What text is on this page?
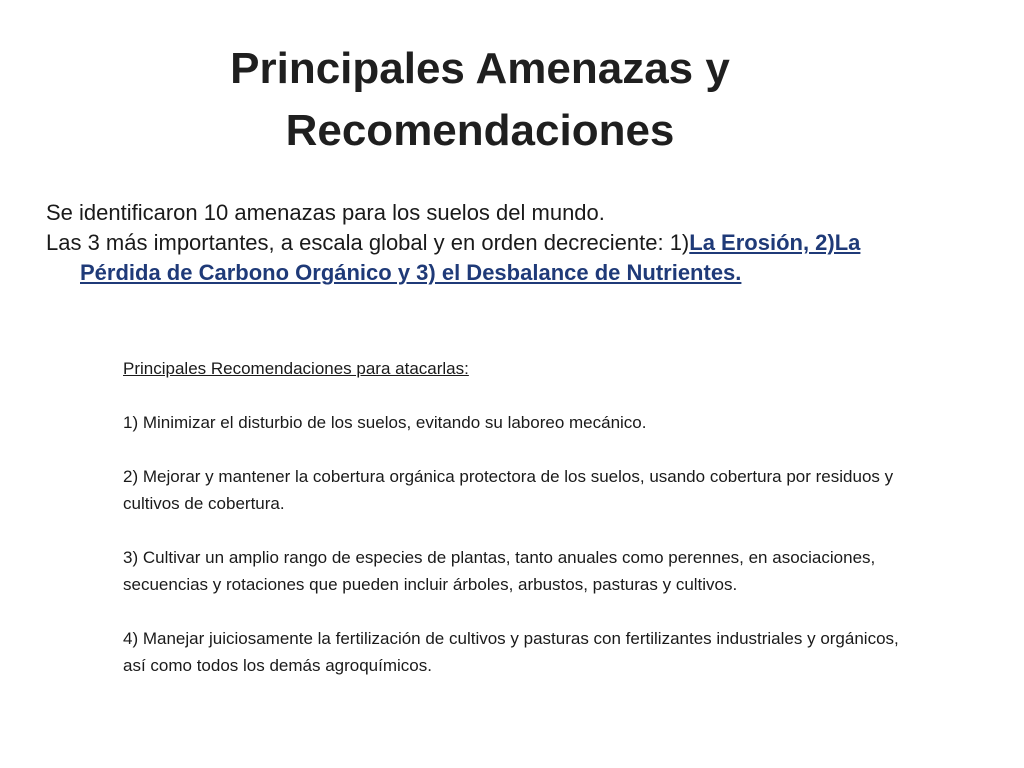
Principales Amenazas y
Recomendaciones
Se identificaron 10 amenazas para los suelos del mundo.
Las 3 más importantes, a escala global y en orden decreciente: 1)La Erosión, 2)La Pérdida de Carbono Orgánico y 3) el Desbalance de Nutrientes.
Principales Recomendaciones para atacarlas:
1) Minimizar el disturbio de los suelos, evitando su laboreo mecánico.
2) Mejorar y mantener la cobertura orgánica protectora de los suelos, usando cobertura por residuos y cultivos de cobertura.
3) Cultivar un amplio rango de especies de plantas, tanto anuales como perennes, en asociaciones, secuencias y rotaciones que pueden incluir árboles, arbustos, pasturas y cultivos.
4) Manejar juiciosamente la fertilización de cultivos y pasturas con fertilizantes industriales y orgánicos, así como todos los demás agroquímicos.
